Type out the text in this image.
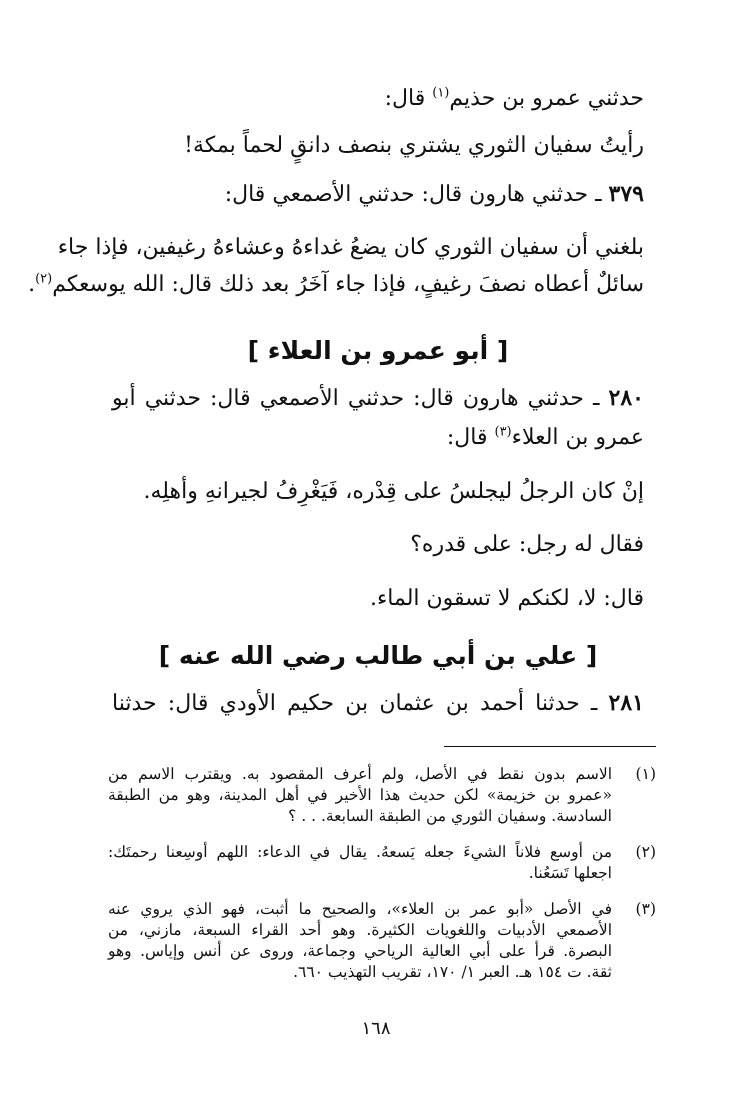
حدثني عمرو بن حذيم$^{(١)}$ قال:
رأيتُ سفيان الثوري يشتري بنصف دانقٍ لحماً بمكة!
٣٧٩ ـ حدثني هارون قال: حدثني الأصمعي قال:
بلغني أن سفيان الثوري كان يضعُ غداءهُ وعشاءهُ رغيفين، فإذا جاء
سائلٌ أعطاه نصفَ رغيفٍ، فإذا جاء آخَرُ بعد ذلك قال: الله يوسعكم$^{(٢)}$.
[ أبو عمرو بن العلاء ]
٢٨٠ ـ حدثني هارون قال: حدثني الأصمعي قال: حدثني أبو
عمرو بن العلاء$^{(٣)}$ قال:
إنْ كان الرجلُ ليجلسُ على قِدْره، فَيَغْرِفُ لجيرانهِ وأهلِه.
فقال له رجل: على قدره؟
قال: لا، لكنكم لا تسقون الماء.
[ علي بن أبي طالب رضي الله عنه ]
٢٨١ ـ حدثنا أحمد بن عثمان بن حكيم الأودي قال: حدثنا
(١)
الاسم بدون نقط في الأصل، ولم أعرف المقصود به. ويقترب الاسم من
«عمرو بن خزيمة» لكن حديث هذا الأخير في أهل المدينة، وهو من الطبقة
السادسة. وسفيان الثوري من الطبقة السابعة. . . ؟
(٢)
من أوسع فلاناً الشيءَ جعله يَسعهُ. يقال في الدعاء: اللهم أوسِعنا رحمتَك:
اجعلها تَسَعُنا.
(٣)
في الأصل «أبو عمر بن العلاء»، والصحيح ما أثبت، فهو الذي يروي عنه
الأصمعي الأدبيات واللغويات الكثيرة. وهو أحد القراء السبعة، مازني، من
البصرة. قرأ على أبي العالية الرياحي وجماعة، وروى عن أنس وإياس. وهو
ثقة. ت ١٥٤ هـ. العبر ١/ ١٧٠، تقريب التهذيب ٦٦٠.
١٦٨
